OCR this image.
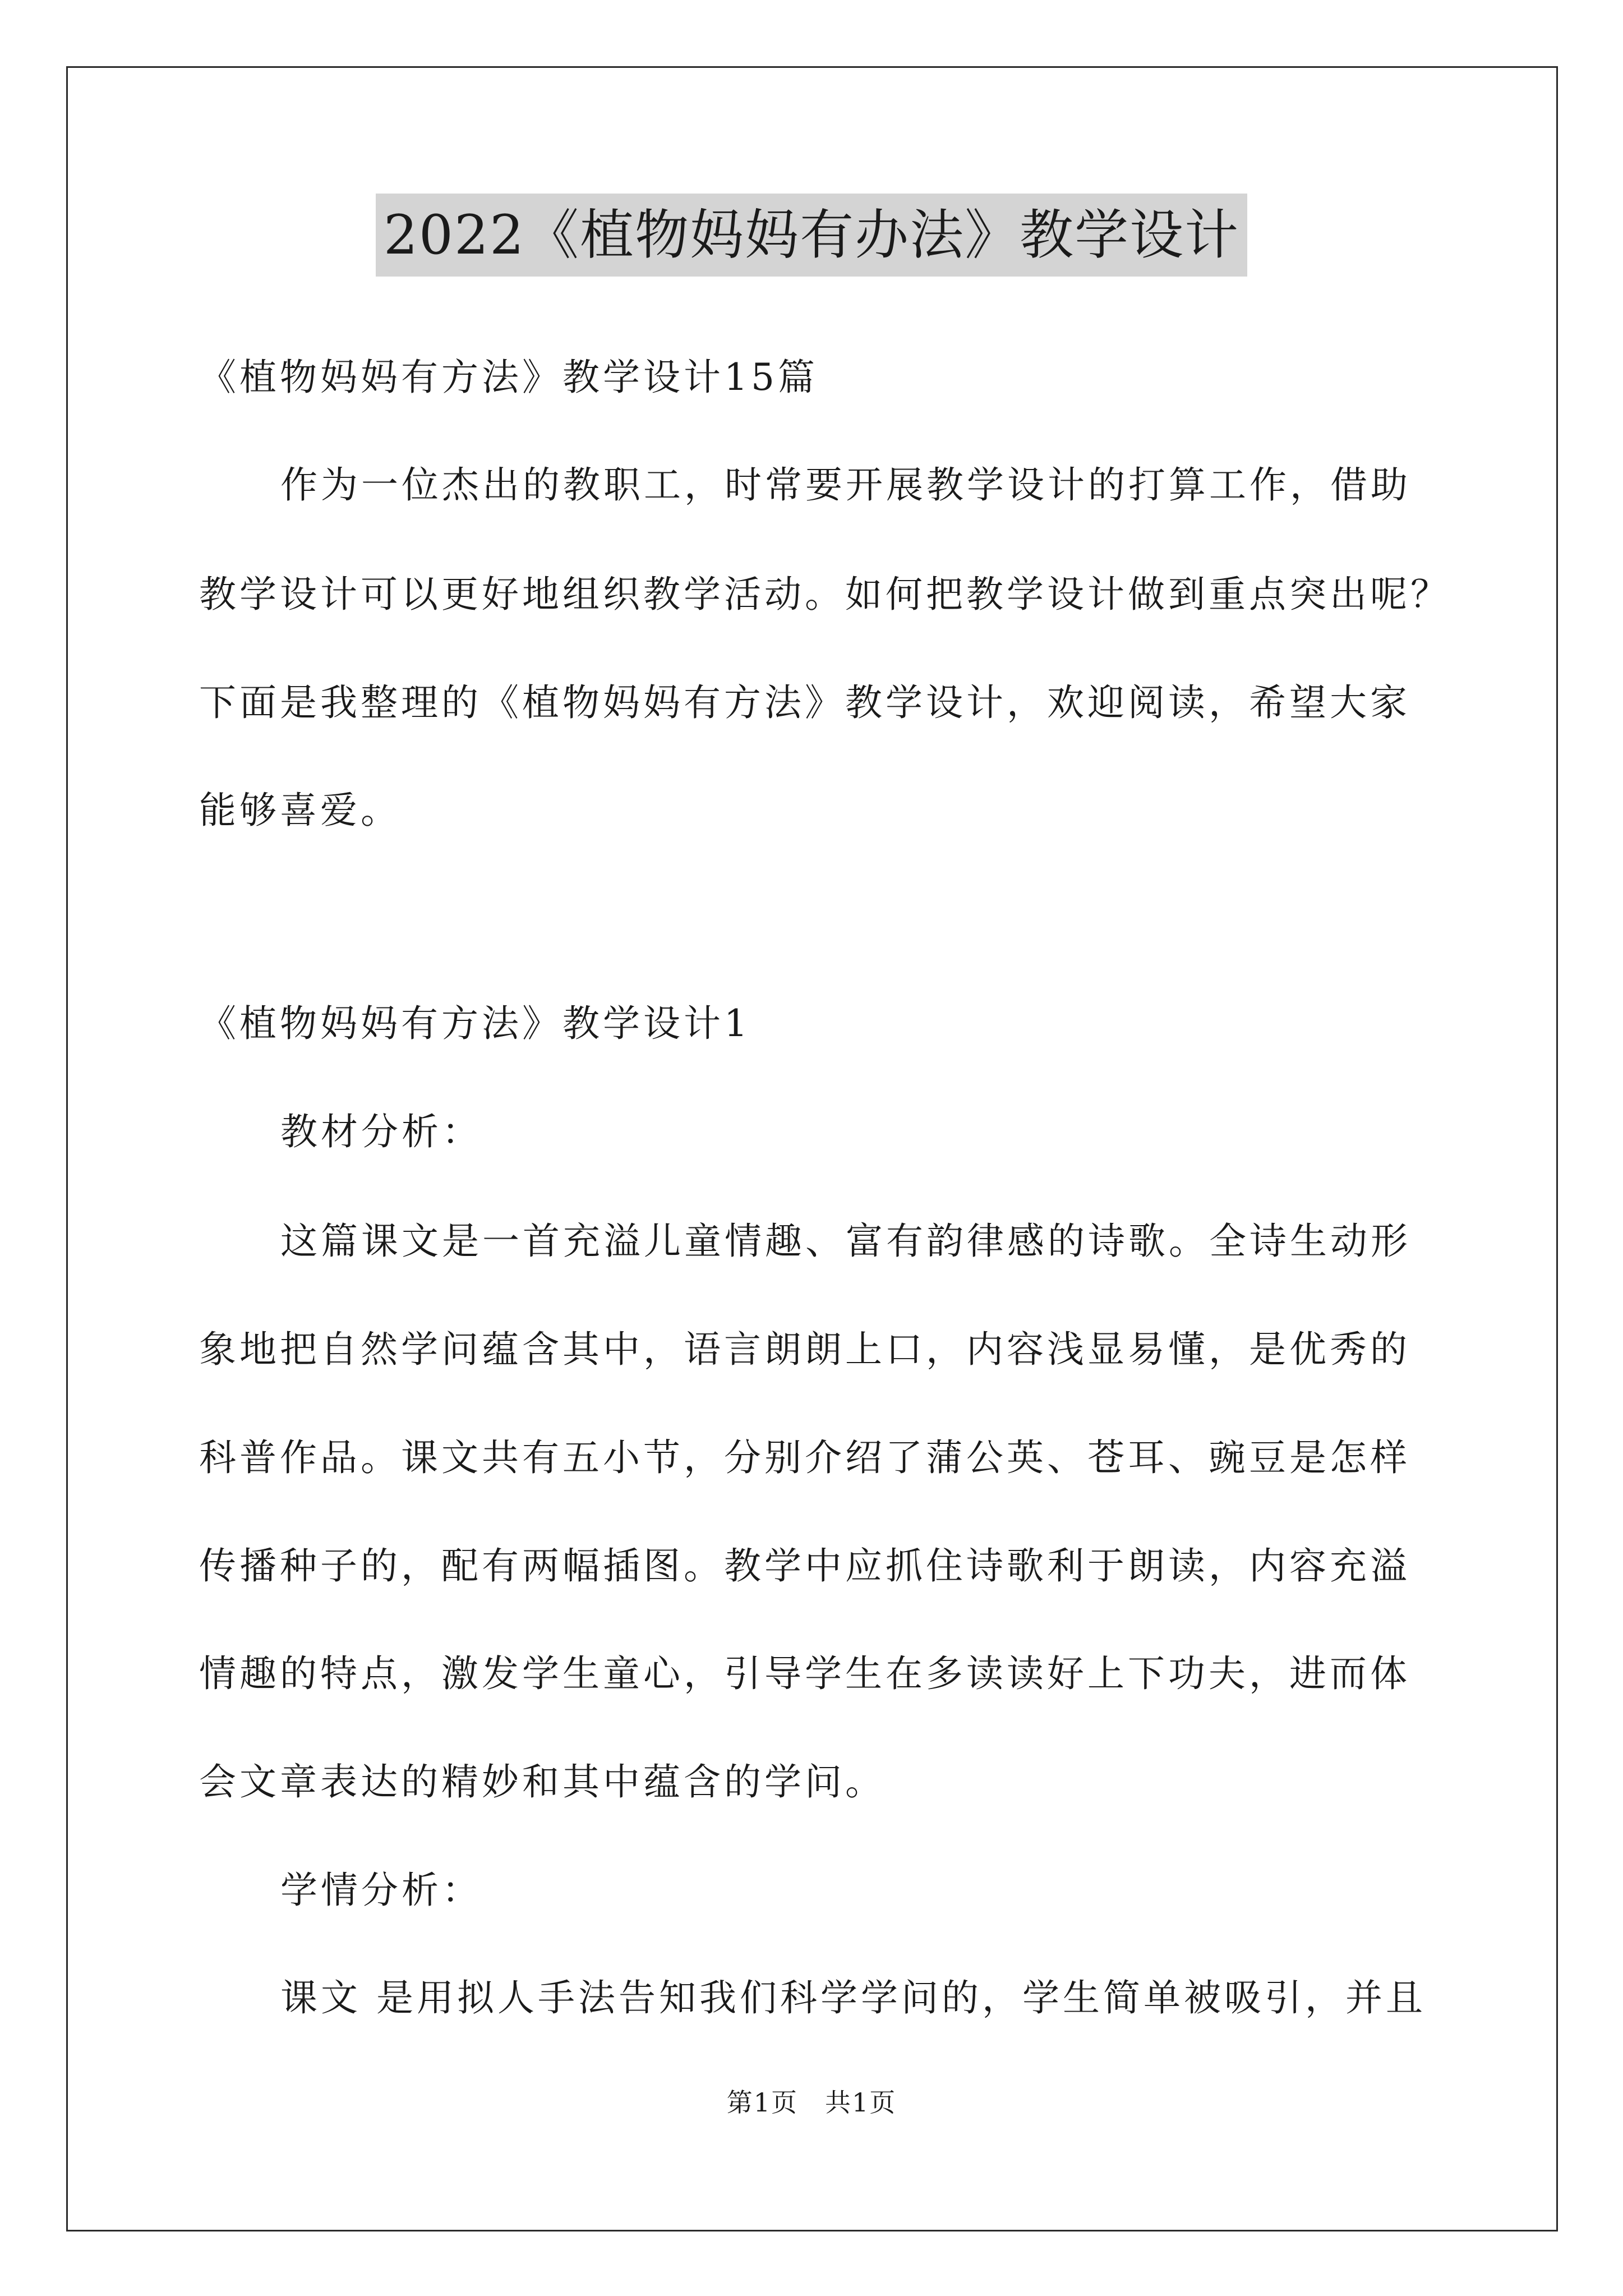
2022《植物妈妈有办法》教学设计
《植物妈妈有方法》教学设计15篇
作为一位杰出的教职工，时常要开展教学设计的打算工作，借助
教学设计可以更好地组织教学活动。如何把教学设计做到重点突出呢？
下面是我整理的《植物妈妈有方法》教学设计，欢迎阅读，希望大家
能够喜爱。
《植物妈妈有方法》教学设计1
教材分析：
这篇课文是一首充溢儿童情趣、富有韵律感的诗歌。全诗生动形
象地把自然学问蕴含其中，语言朗朗上口，内容浅显易懂，是优秀的
科普作品。课文共有五小节，分别介绍了蒲公英、苍耳、豌豆是怎样
传播种子的，配有两幅插图。教学中应抓住诗歌利于朗读，内容充溢
情趣的特点，激发学生童心，引导学生在多读读好上下功夫，进而体
会文章表达的精妙和其中蕴含的学问。
学情分析：
课文 是用拟人手法告知我们科学学问的，学生简单被吸引，并且
第1页　共1页
